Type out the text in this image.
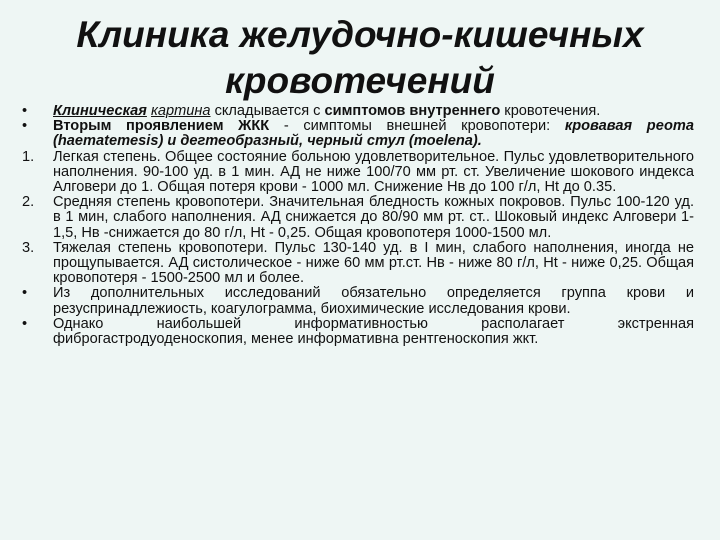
Клиника желудочно-кишечных
кровотечений

•	Клиническая картина складывается с симптомов внутреннего кровотечения.

•	Вторым проявлением ЖКК - симптомы внешней кровопотери: кровавая реота (haematemesis) и дегтеобразный, черный стул (moelena).

1.	Легкая степень. Общее состояние больною удовлетворительное. Пульс удовлетворительного наполнения. 90-100 уд. в 1 мин. АД не ниже 100/70 мм рт. ст. Увеличение шокового индекса Алговери до 1. Общая потеря крови - 1000 мл. Снижение Нв до 100 г/л, Ht до 0.35.

2.	Средняя степень кровопотери. Значительная бледность кожных покровов. Пульс 100-120 уд. в 1 мин, слабого наполнения. АД снижается до 80/90 мм рт. ст.. Шоковый индекс Алговери 1-1,5, Нв -снижается до 80 г/л, Ht - 0,25. Общая кровопотеря 1000-1500 мл.

3.	Тяжелая степень кровопотери. Пульс 130-140 уд. в I мин, слабого наполнения, иногда не прощупывается. АД систолическое - ниже 60 мм рт.ст. Нв - ниже 80 г/л, Ht - ниже 0,25. Общая кровопотеря - 1500-2500 мл и более.

•	Из дополнительных исследований обязательно определяется группа крови и резуспринадлежиость, коагулограмма, биохимические исследования крови.

•	Однако наибольшей информативностью располагает экстренная фиброгастродуоденоскопия, менее информативна рентгеноскопия жкт.
